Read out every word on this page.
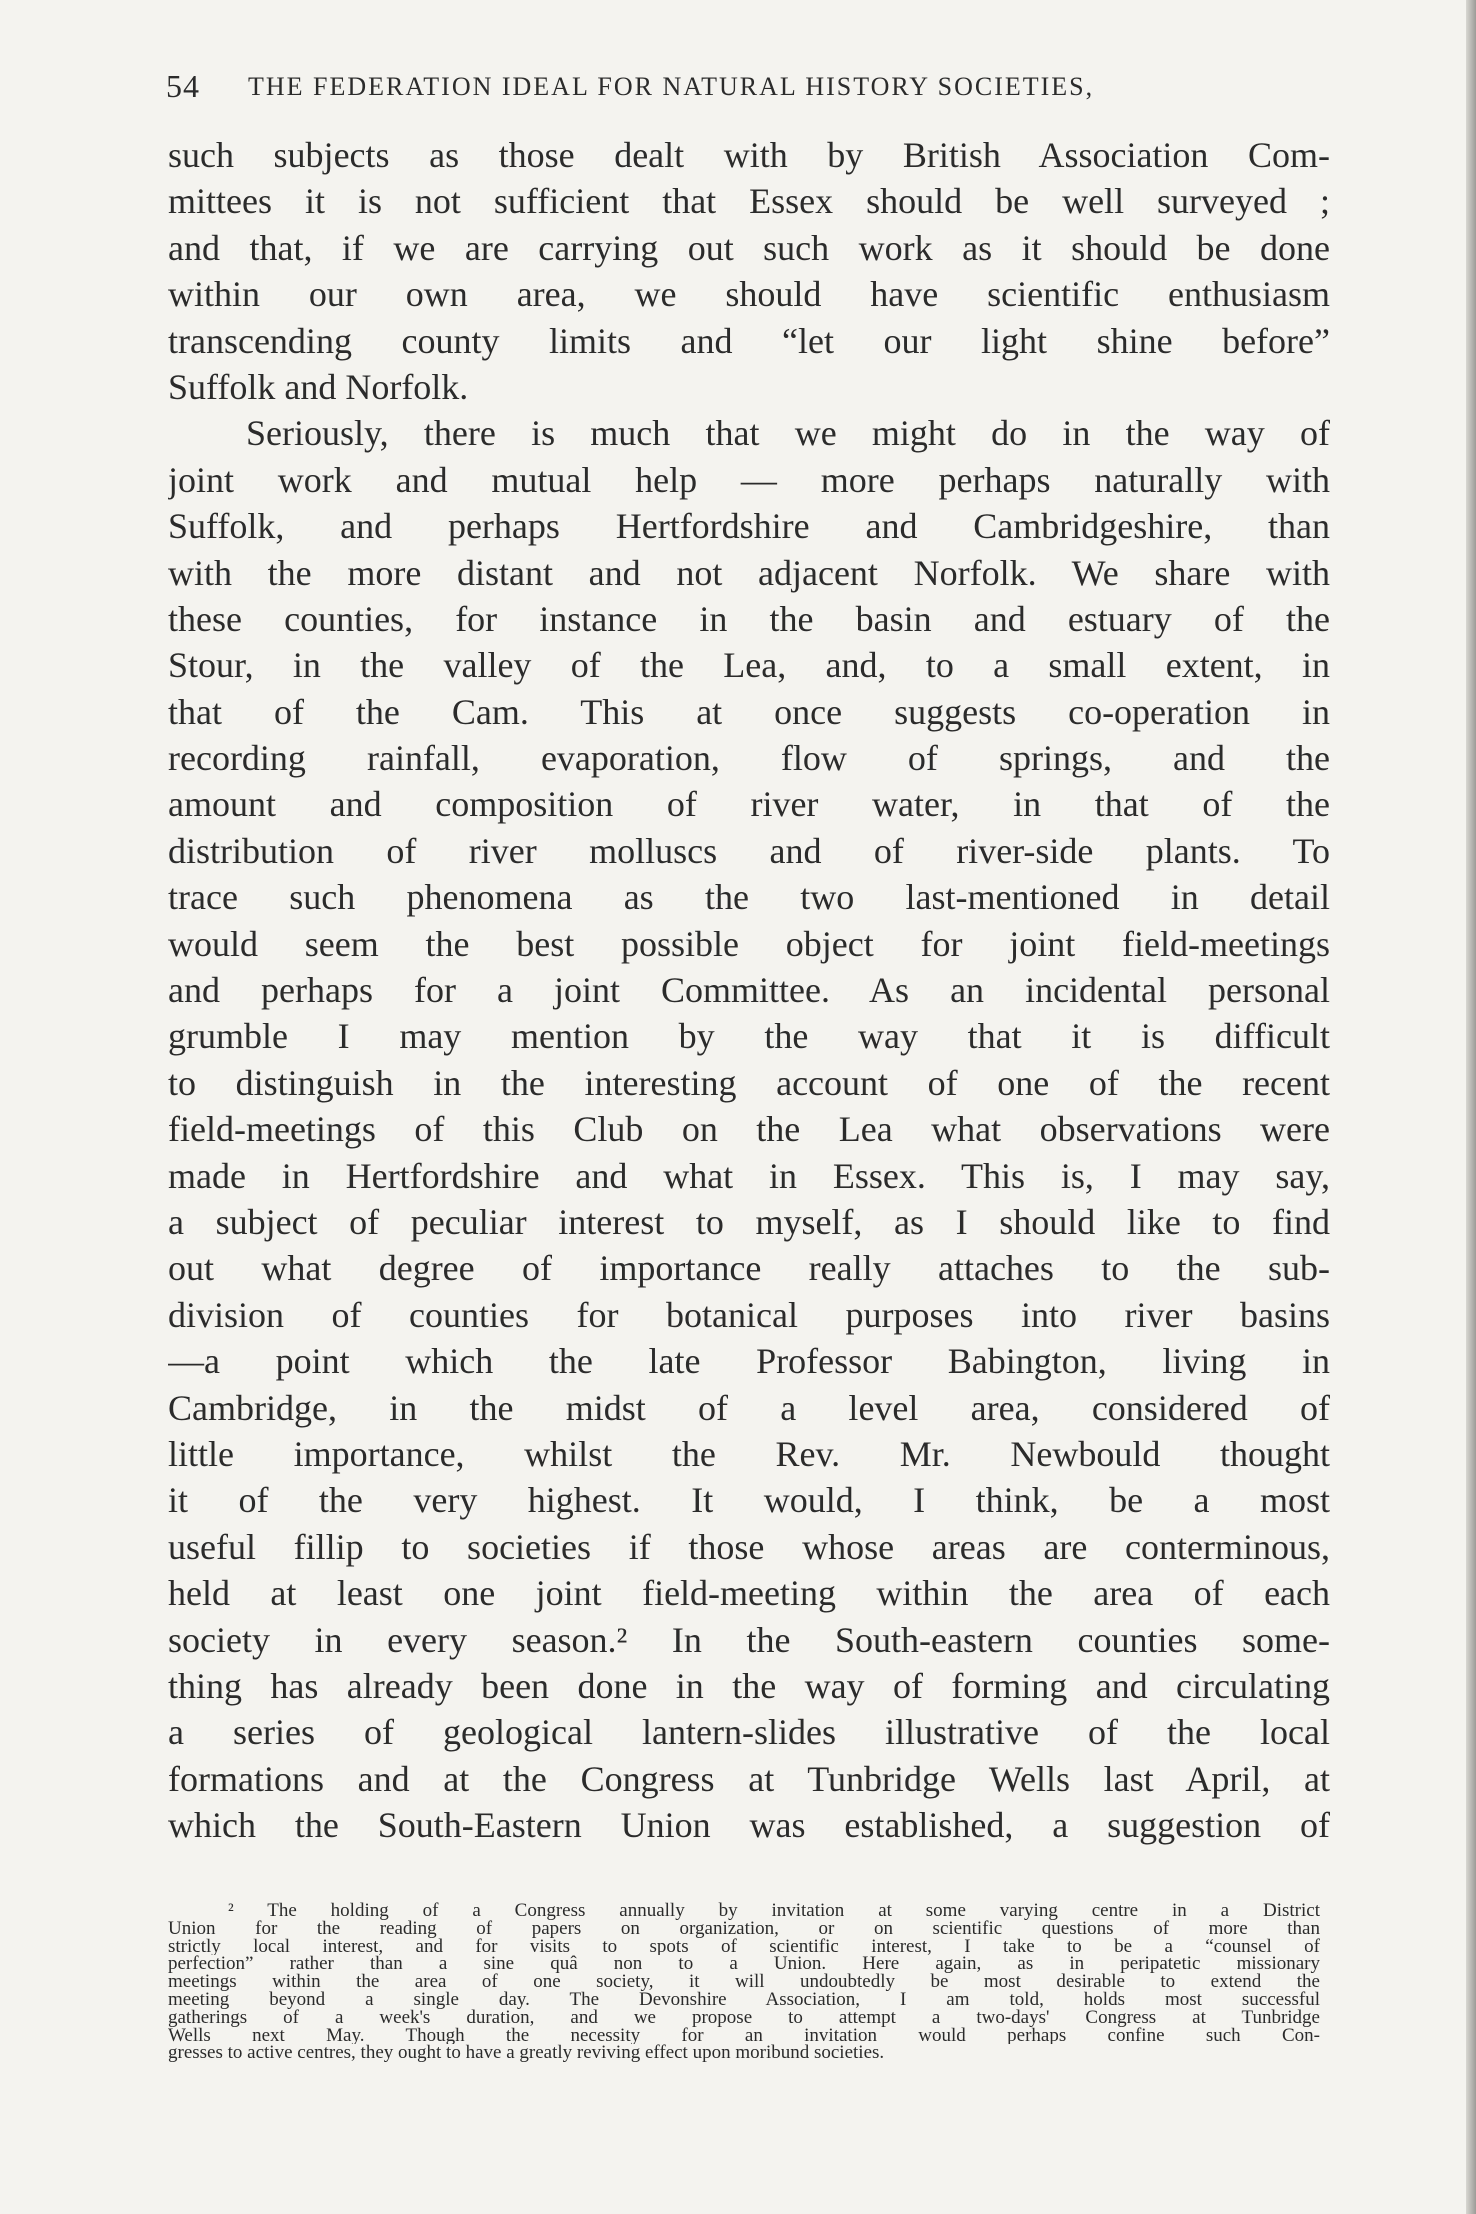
54 THE FEDERATION IDEAL FOR NATURAL HISTORY SOCIETIES,
such subjects as those dealt with by British Association Com-
mittees it is not sufficient that Essex should be well surveyed ;
and that, if we are carrying out such work as it should be done
within our own area, we should have scientific enthusiasm
transcending county limits and “let our light shine before”
Suffolk and Norfolk.
Seriously, there is much that we might do in the way of
joint work and mutual help — more perhaps naturally with
Suffolk, and perhaps Hertfordshire and Cambridgeshire, than
with the more distant and not adjacent Norfolk. We share with
these counties, for instance in the basin and estuary of the
Stour, in the valley of the Lea, and, to a small extent, in
that of the Cam. This at once suggests co-operation in
recording rainfall, evaporation, flow of springs, and the
amount and composition of river water, in that of the
distribution of river molluscs and of river-side plants. To
trace such phenomena as the two last-mentioned in detail
would seem the best possible object for joint field-meetings
and perhaps for a joint Committee. As an incidental personal
grumble I may mention by the way that it is difficult
to distinguish in the interesting account of one of the recent
field-meetings of this Club on the Lea what observations were
made in Hertfordshire and what in Essex. This is, I may say,
a subject of peculiar interest to myself, as I should like to find
out what degree of importance really attaches to the sub-
division of counties for botanical purposes into river basins
—a point which the late Professor Babington, living in
Cambridge, in the midst of a level area, considered of
little importance, whilst the Rev. Mr. Newbould thought
it of the very highest. It would, I think, be a most
useful fillip to societies if those whose areas are conterminous,
held at least one joint field-meeting within the area of each
society in every season.² In the South-eastern counties some-
thing has already been done in the way of forming and circulating
a series of geological lantern-slides illustrative of the local
formations and at the Congress at Tunbridge Wells last April, at
which the South-Eastern Union was established, a suggestion of
² The holding of a Congress annually by invitation at some varying centre in a District
Union for the reading of papers on organization, or on scientific questions of more than
strictly local interest, and for visits to spots of scientific interest, I take to be a “counsel of
perfection” rather than a sine quâ non to a Union. Here again, as in peripatetic missionary
meetings within the area of one society, it will undoubtedly be most desirable to extend the
meeting beyond a single day. The Devonshire Association, I am told, holds most successful
gatherings of a week's duration, and we propose to attempt a two-days' Congress at Tunbridge
Wells next May. Though the necessity for an invitation would perhaps confine such Con-
gresses to active centres, they ought to have a greatly reviving effect upon moribund societies.
